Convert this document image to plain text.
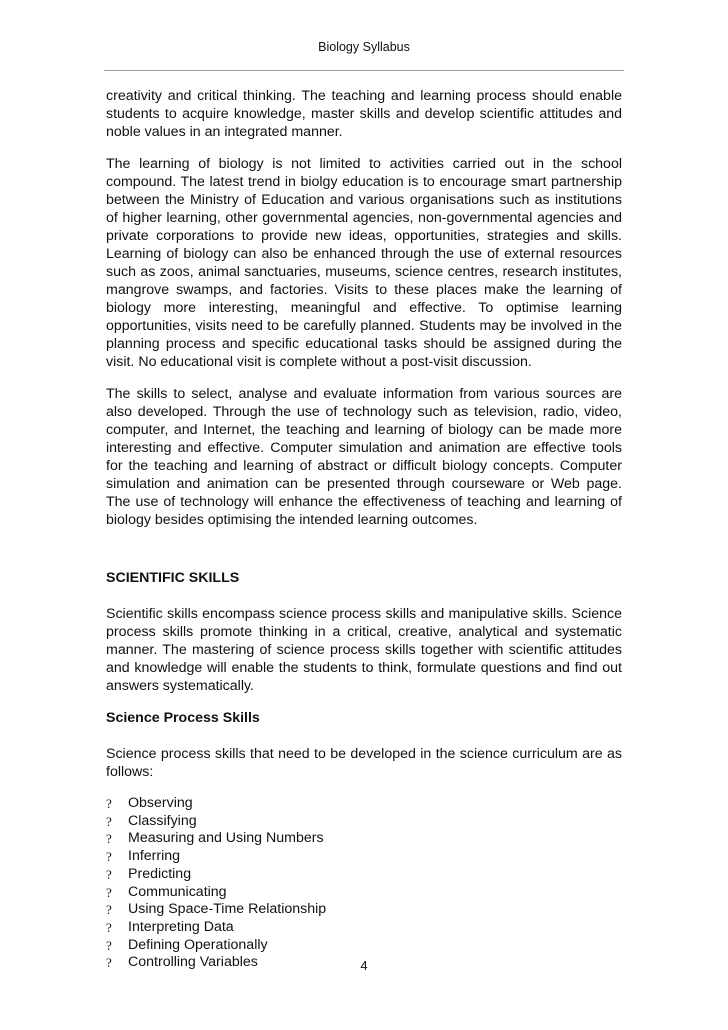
Biology Syllabus

creativity and critical thinking. The teaching and learning process should enable students to acquire knowledge, master skills and develop scientific attitudes and noble values in an integrated manner.

The learning of biology is not limited to activities carried out in the school compound. The latest trend in biolgy education is to encourage smart partnership between the Ministry of Education and various organisations such as institutions of higher learning, other governmental agencies, non-governmental agencies and private corporations to provide new ideas, opportunities, strategies and skills. Learning of biology can also be enhanced through the use of external resources such as zoos, animal sanctuaries, museums, science centres, research institutes, mangrove swamps, and factories. Visits to these places make the learning of biology more interesting, meaningful and effective. To optimise learning opportunities, visits need to be carefully planned. Students may be involved in the planning process and specific educational tasks should be assigned during the visit. No educational visit is complete without a post-visit discussion.

The skills to select, analyse and evaluate information from various sources are also developed. Through the use of technology such as television, radio, video, computer, and Internet, the teaching and learning of biology can be made more interesting and effective. Computer simulation and animation are effective tools for the teaching and learning of abstract or difficult biology concepts. Computer simulation and animation can be presented through courseware or Web page. The use of technology will enhance the effectiveness of teaching and learning of biology besides optimising the intended learning outcomes.

SCIENTIFIC SKILLS

Scientific skills encompass science process skills and manipulative skills. Science process skills promote thinking in a critical, creative, analytical and systematic manner. The mastering of science process skills together with scientific attitudes and knowledge will enable the students to think, formulate questions and find out answers systematically.

Science Process Skills

Science process skills that need to be developed in the science curriculum are as follows:

?	Observing
?	Classifying
?	Measuring and Using Numbers
?	Inferring
?	Predicting
?	Communicating
?	Using Space-Time Relationship
?	Interpreting Data
?	Defining Operationally
?	Controlling Variables	4
